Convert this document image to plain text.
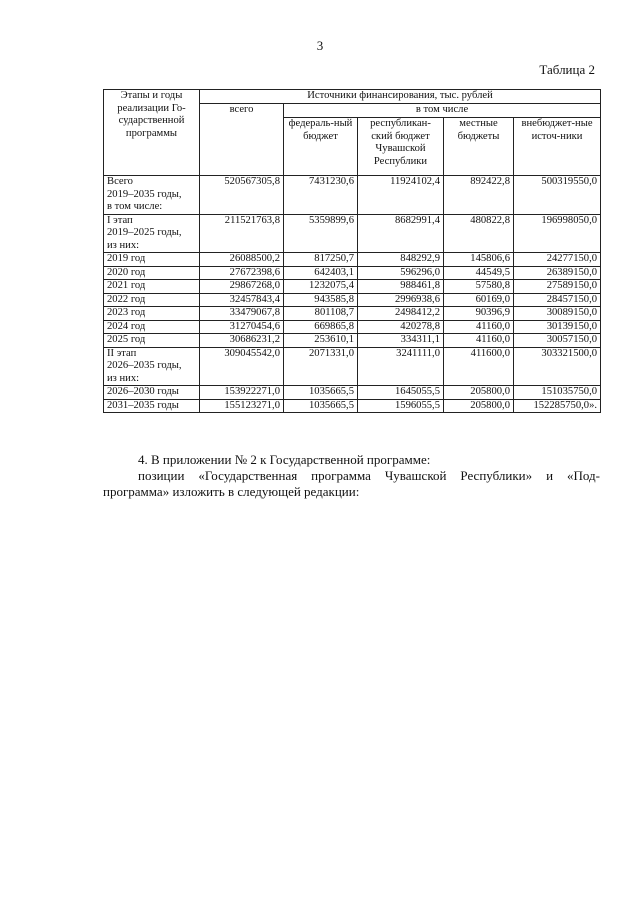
3
Таблица 2
Этапы и годы реализации Го-сударственной программы	Источники финансирования, тыс. рублей				
	всего	в том числе			
		федераль-ный бюджет	республикан-ский бюджет Чувашской Республики	местные бюджеты	внебюджет-ные источ-ники

Всего
2019–2035 годы,
в том числе:	520567305,8	7431230,6	11924102,4	892422,8	500319550,0

I этап
2019–2025 годы,
из них:	211521763,8	5359899,6	8682991,4	480822,8	196998050,0

2019 год	26088500,2	817250,7	848292,9	145806,6	24277150,0

2020 год	27672398,6	642403,1	596296,0	44549,5	26389150,0

2021 год	29867268,0	1232075,4	988461,8	57580,8	27589150,0

2022 год	32457843,4	943585,8	2996938,6	60169,0	28457150,0

2023 год	33479067,8	801108,7	2498412,2	90396,9	30089150,0

2024 год	31270454,6	669865,8	420278,8	41160,0	30139150,0

2025 год	30686231,2	253610,1	334311,1	41160,0	30057150,0

II этап
2026–2035 годы,
из них:	309045542,0	2071331,0	3241111,0	411600,0	303321500,0

2026–2030 годы	153922271,0	1035665,5	1645055,5	205800,0	151035750,0

2031–2035 годы	155123271,0	1035665,5	1596055,5	205800,0	152285750,0».
4. В приложении № 2 к Государственной программе:
позиции «Государственная программа Чувашской Республики» и «Под-программа» изложить в следующей редакции:
